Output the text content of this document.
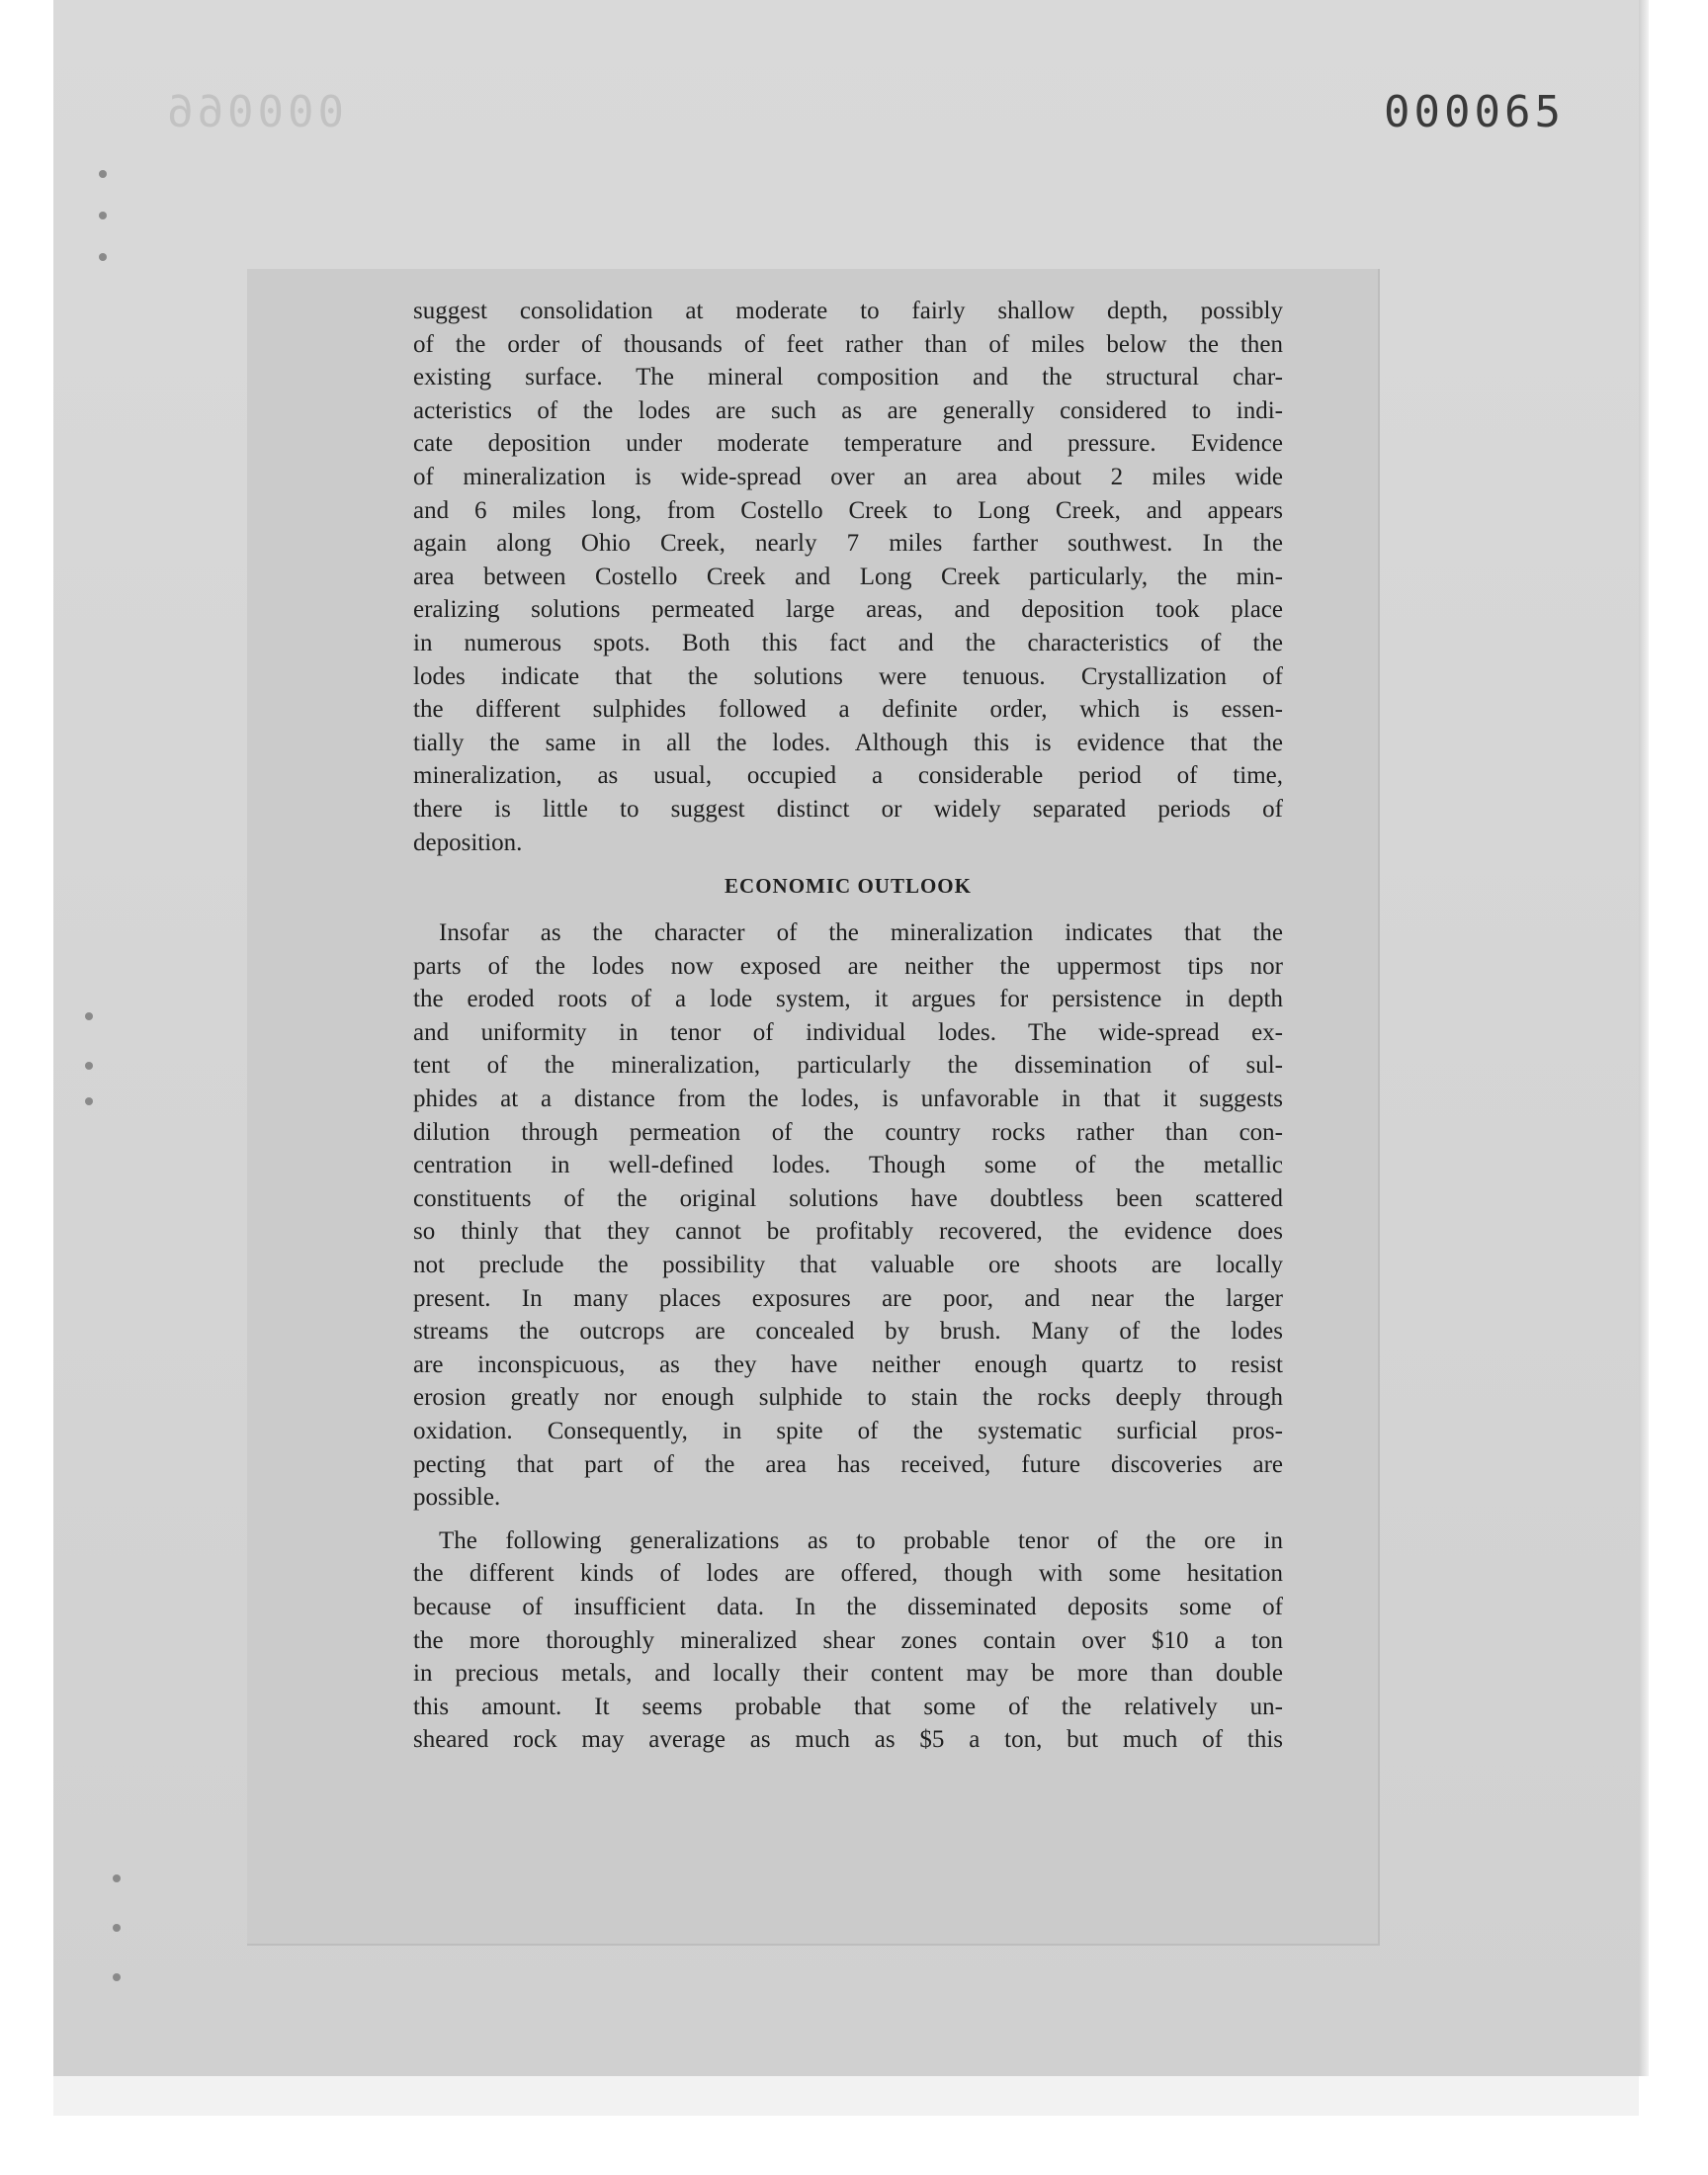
000066	000065
suggest consolidation at moderate to fairly shallow depth, possibly
of the order of thousands of feet rather than of miles below the then
existing surface. The mineral composition and the structural char-
acteristics of the lodes are such as are generally considered to indi-
cate deposition under moderate temperature and pressure. Evidence
of mineralization is wide-spread over an area about 2 miles wide
and 6 miles long, from Costello Creek to Long Creek, and appears
again along Ohio Creek, nearly 7 miles farther southwest. In the
area between Costello Creek and Long Creek particularly, the min-
eralizing solutions permeated large areas, and deposition took place
in numerous spots. Both this fact and the characteristics of the
lodes indicate that the solutions were tenuous. Crystallization of
the different sulphides followed a definite order, which is essen-
tially the same in all the lodes. Although this is evidence that the
mineralization, as usual, occupied a considerable period of time,
there is little to suggest distinct or widely separated periods of
deposition.
ECONOMIC OUTLOOK
Insofar as the character of the mineralization indicates that the
parts of the lodes now exposed are neither the uppermost tips nor
the eroded roots of a lode system, it argues for persistence in depth
and uniformity in tenor of individual lodes. The wide-spread ex-
tent of the mineralization, particularly the dissemination of sul-
phides at a distance from the lodes, is unfavorable in that it suggests
dilution through permeation of the country rocks rather than con-
centration in well-defined lodes. Though some of the metallic
constituents of the original solutions have doubtless been scattered
so thinly that they cannot be profitably recovered, the evidence does
not preclude the possibility that valuable ore shoots are locally
present. In many places exposures are poor, and near the larger
streams the outcrops are concealed by brush. Many of the lodes
are inconspicuous, as they have neither enough quartz to resist
erosion greatly nor enough sulphide to stain the rocks deeply through
oxidation. Consequently, in spite of the systematic surficial pros-
pecting that part of the area has received, future discoveries are
possible.
The following generalizations as to probable tenor of the ore in
the different kinds of lodes are offered, though with some hesitation
because of insufficient data. In the disseminated deposits some of
the more thoroughly mineralized shear zones contain over $10 a ton
in precious metals, and locally their content may be more than double
this amount. It seems probable that some of the relatively un-
sheared rock may average as much as $5 a ton, but much of this
